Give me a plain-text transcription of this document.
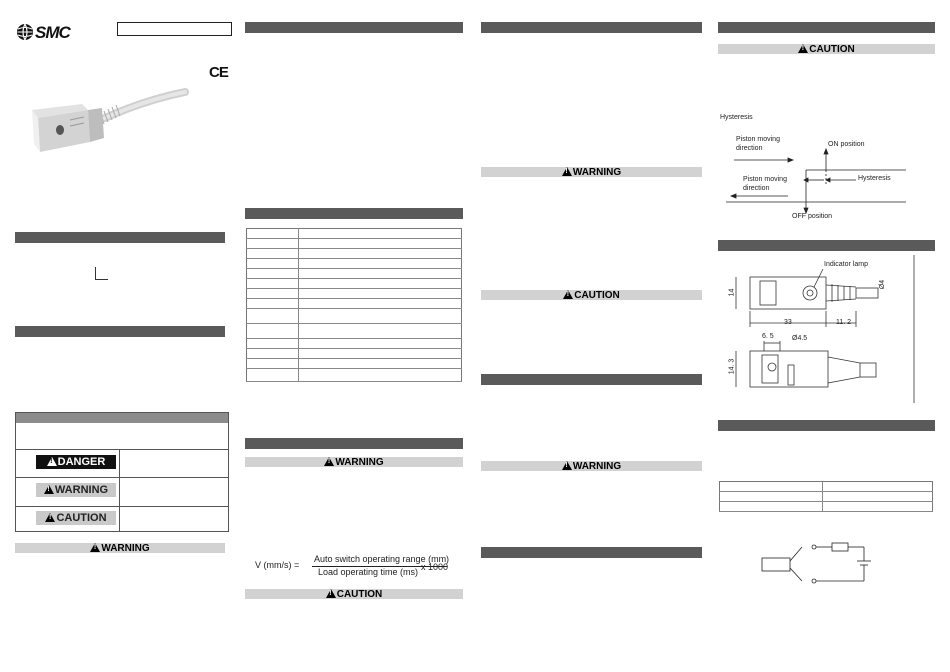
SMC
CE
!DANGER
!WARNING
!CAUTION
!WARNING

!WARNING
V (mm/s) =
Auto switch operating range (mm)
Load operating time (ms) x 1000
!CAUTION
!WARNING
!CAUTION
!WARNING
!CAUTION
Hysteresis
Piston moving
direction
ON position
Piston moving
direction
Hysteresis
OFF position
Indicator lamp
Ø4
14
33	11. 2
6. 5	Ø4.5
14. 3
